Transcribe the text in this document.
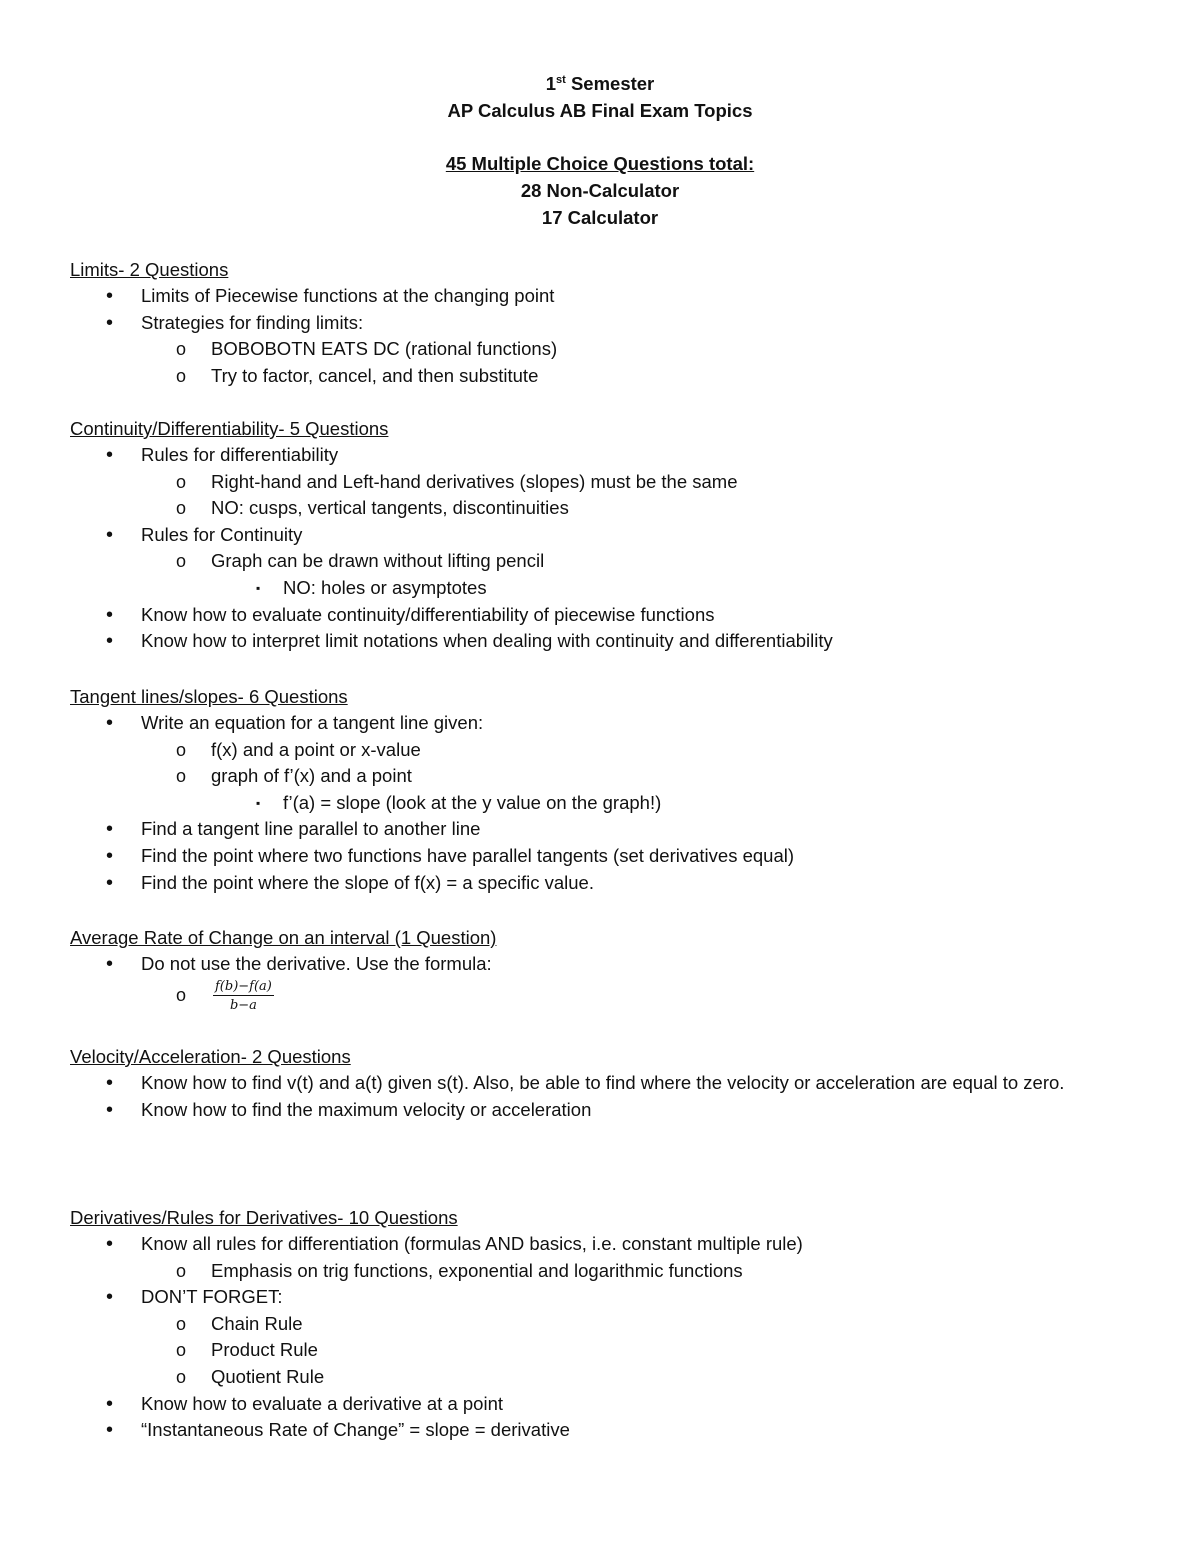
1st Semester
AP Calculus AB Final Exam Topics
45 Multiple Choice Questions total:
28 Non-Calculator
17 Calculator
Limits- 2 Questions
• Limits of Piecewise functions at the changing point
• Strategies for finding limits:
o BOBOBOTN EATS DC (rational functions)
o Try to factor, cancel, and then substitute
Continuity/Differentiability- 5 Questions
• Rules for differentiability
o Right-hand and Left-hand derivatives (slopes) must be the same
o NO: cusps, vertical tangents, discontinuities
• Rules for Continuity
o Graph can be drawn without lifting pencil
▪ NO: holes or asymptotes
• Know how to evaluate continuity/differentiability of piecewise functions
• Know how to interpret limit notations when dealing with continuity and differentiability
Tangent lines/slopes- 6 Questions
• Write an equation for a tangent line given:
o f(x) and a point or x-value
o graph of f’(x) and a point
▪ f’(a) = slope (look at the y value on the graph!)
• Find a tangent line parallel to another line
• Find the point where two functions have parallel tangents (set derivatives equal)
• Find the point where the slope of f(x) = a specific value.
Average Rate of Change on an interval (1 Question)
• Do not use the derivative. Use the formula:
o $\frac{f(b)-f(a)}{b-a}$
Velocity/Acceleration- 2 Questions
• Know how to find v(t) and a(t) given s(t). Also, be able to find where the velocity or acceleration are equal to zero.
• Know how to find the maximum velocity or acceleration
Derivatives/Rules for Derivatives- 10 Questions
• Know all rules for differentiation (formulas AND basics, i.e. constant multiple rule)
o Emphasis on trig functions, exponential and logarithmic functions
• DON’T FORGET:
o Chain Rule
o Product Rule
o Quotient Rule
• Know how to evaluate a derivative at a point
• “Instantaneous Rate of Change” = slope = derivative
